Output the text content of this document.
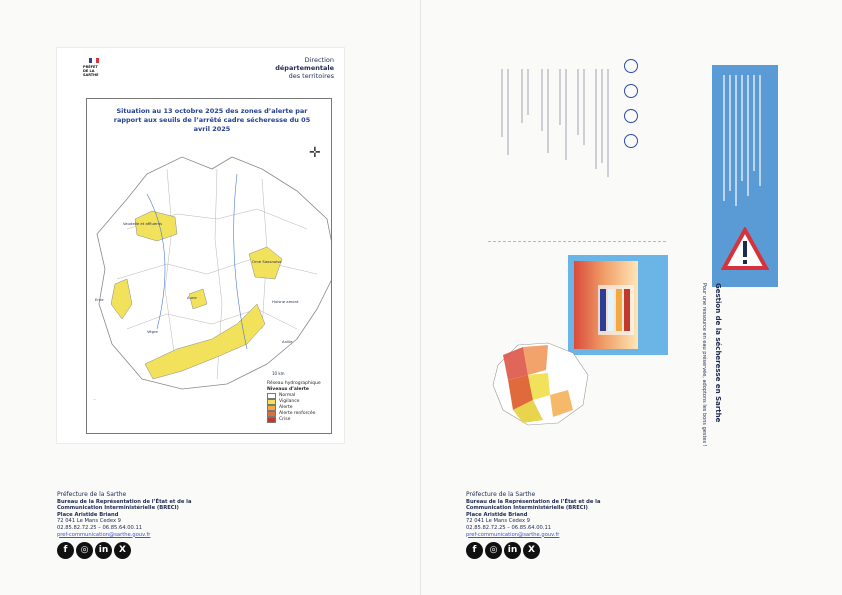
PRÉFET
DE LA SARTHE
Direction
départementale
des territoires
Situation au 13 octobre 2025 des zones d’alerte par rapport aux seuils de l’arrêté cadre sécheresse du 05 avril 2025
✛
Vaudelle et affluents
Orne Saosnoise
Huisne amont
Anille
Aune
Vègre
Erve
—
Réseau hydrographique
Niveaux d’alerte
Normal
Vigilance
Alerte
Alerte renforcée
Crise
10 km
Préfecture de la Sarthe
Bureau de la Représentation de l’État et de la
Communication Interministérielle (BRECI)
Place Aristide Briand
72 041 Le Mans Cedex 9
02.85.82.72.25 – 06.85.64.00.11
pref-communication@sarthe.gouv.fr
f	◎	in	X
Gestion de la sécheresse en Sarthe
Pour une ressource en eau préservée, adoptons les bons gestes !
Préfecture de la Sarthe
Bureau de la Représentation de l’État et de la
Communication Interministérielle (BRECI)
Place Aristide Briand
72 041 Le Mans Cedex 9
02.85.82.72.25 – 06.85.64.00.11
pref-communication@sarthe.gouv.fr
f	◎	in	X
